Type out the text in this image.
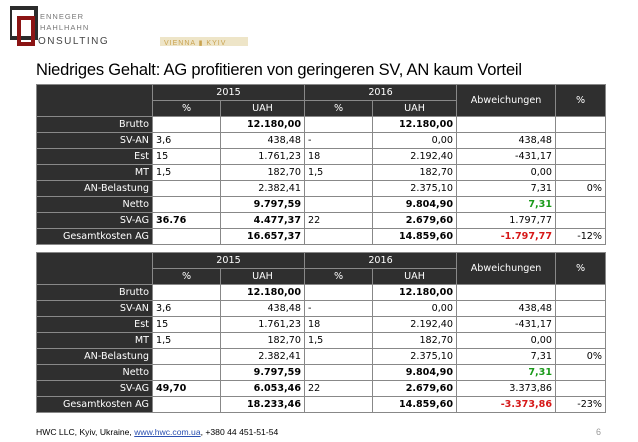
ENNEGER
HAHLHAHN
ONSULTING	VIENNA ▮ KYIV
Niedriges Gehalt: AG profitieren von geringeren SV, AN kaum Vorteil
	2015		2016		Abweichungen	%
	%	UAH	%	UAH		
Brutto		12.180,00		12.180,00		
SV-AN	3,6	438,48	-	0,00	438,48	
Est	15	1.761,23	18	2.192,40	-431,17	
MT	1,5	182,70	1,5	182,70	0,00	
AN-Belastung		2.382,41		2.375,10	7,31	0%
Netto		9.797,59		9.804,90	7,31	
SV-AG	36.76	4.477,37	22	2.679,60	1.797,77	
Gesamtkosten AG		16.657,37		14.859,60	-1.797,77	-12%
	2015		2016		Abweichungen	%
	%	UAH	%	UAH		
Brutto		12.180,00		12.180,00		
SV-AN	3,6	438,48	-	0,00	438,48	
Est	15	1.761,23	18	2.192,40	-431,17	
MT	1,5	182,70	1,5	182,70	0,00	
AN-Belastung		2.382,41		2.375,10	7,31	0%
Netto		9.797,59		9.804,90	7,31	
SV-AG	49,70	6.053,46	22	2.679,60	3.373,86	
Gesamtkosten AG		18.233,46		14.859,60	-3.373,86	-23%
HWC LLC, Kyiv, Ukraine, www.hwc.com.ua, +380 44 451-51-54	6
